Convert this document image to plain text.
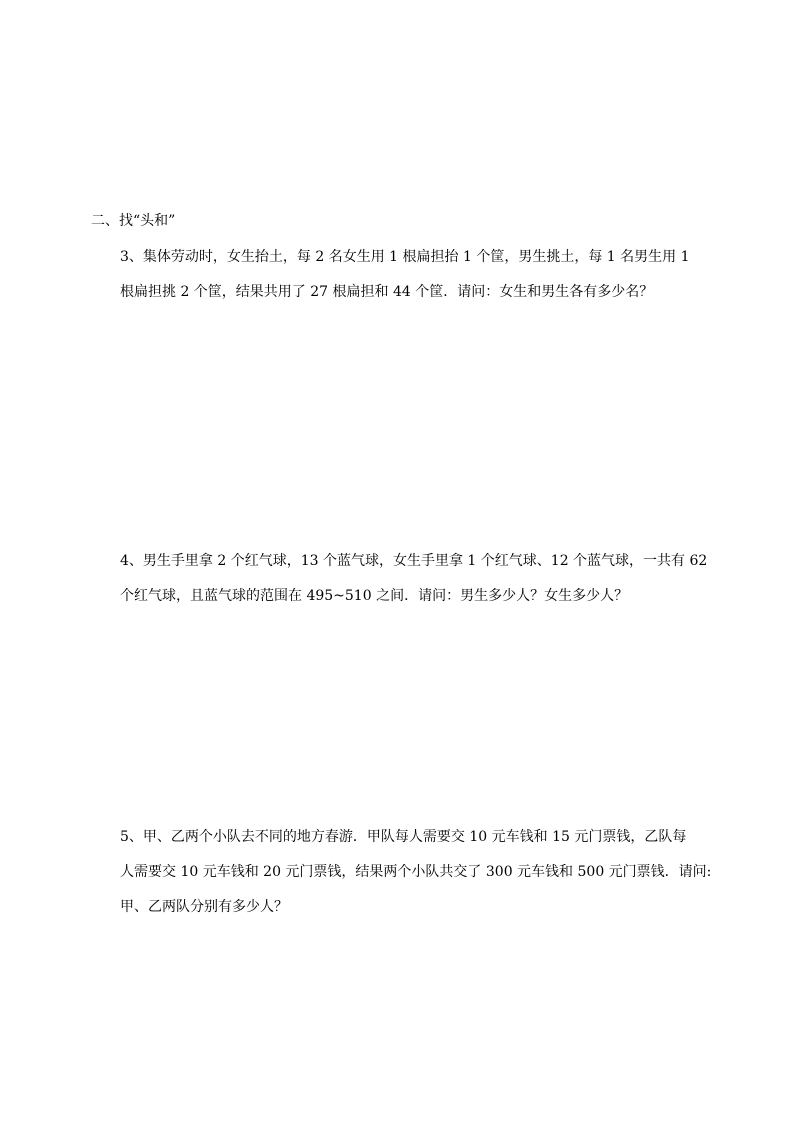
二、找“头和”
3、集体劳动时，女生抬土，每 2 名女生用 1 根扁担抬 1 个筐，男生挑土，每 1 名男生用 1
根扁担挑 2 个筐，结果共用了 27 根扁担和 44 个筐．请问：女生和男生各有多少名？
4、男生手里拿 2 个红气球，13 个蓝气球，女生手里拿 1 个红气球、12 个蓝气球，一共有 62
个红气球，且蓝气球的范围在 495~510 之间．请问：男生多少人？女生多少人？
5、甲、乙两个小队去不同的地方春游．甲队每人需要交 10 元车钱和 15 元门票钱，乙队每
人需要交 10 元车钱和 20 元门票钱，结果两个小队共交了 300 元车钱和 500 元门票钱．请问:
甲、乙两队分别有多少人？
